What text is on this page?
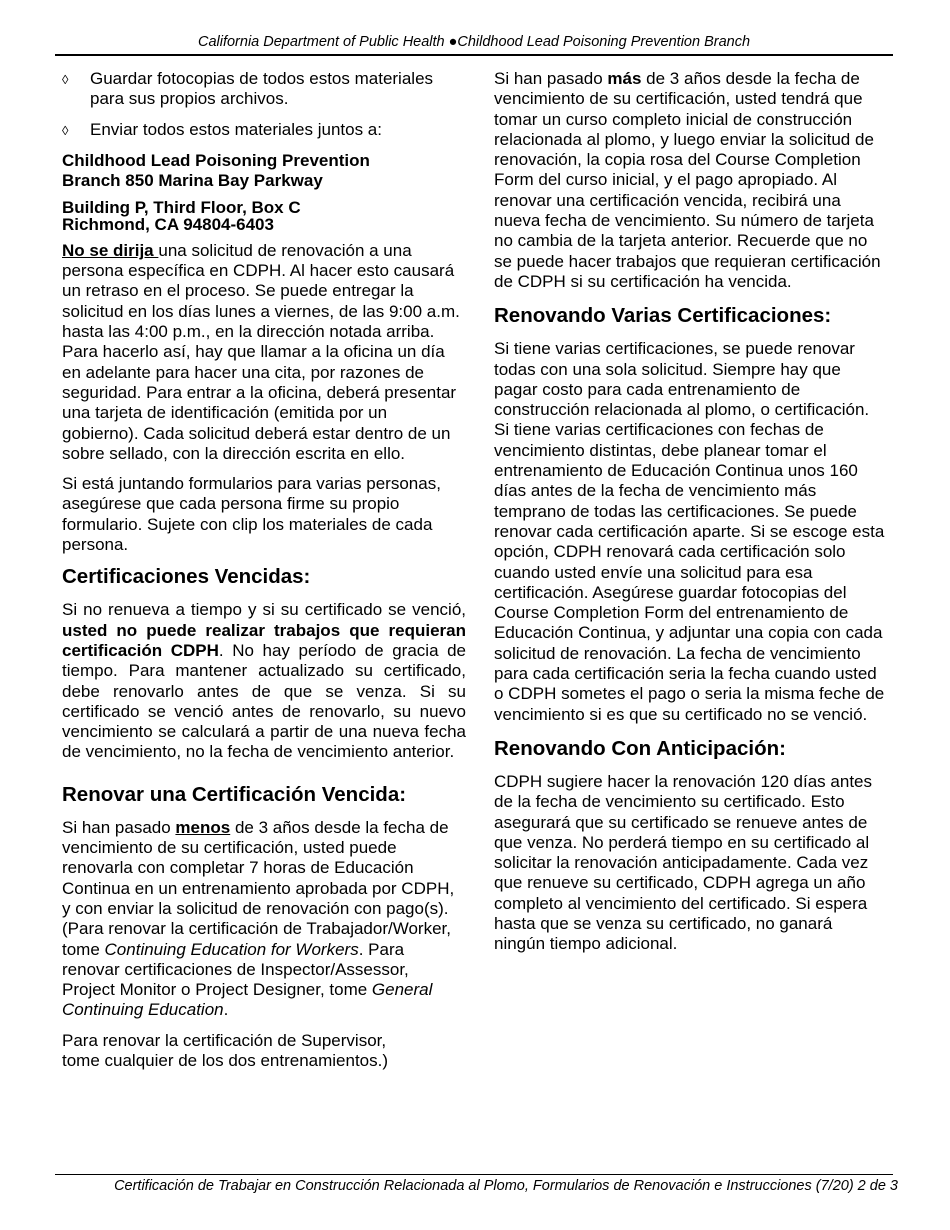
California Department of Public Health ●Childhood Lead Poisoning Prevention Branch
◊	Guardar fotocopias de todos estos materiales para sus propios archivos.
◊	Enviar todos estos materiales juntos a:

Childhood Lead Poisoning Prevention
Branch 850 Marina Bay Parkway

Building P, Third Floor, Box C
Richmond, CA 94804-6403

No se dirija una solicitud de renovación a una persona específica en CDPH. Al hacer esto causará un retraso en el proceso. Se puede entregar la solicitud en los días lunes a viernes, de las 9:00 a.m. hasta las 4:00 p.m., en la dirección notada arriba. Para hacerlo así, hay que llamar a la oficina un día en adelante para hacer una cita, por razones de seguridad. Para entrar a la oficina, deberá presentar una tarjeta de identificación (emitida por un gobierno). Cada solicitud deberá estar dentro de un sobre sellado, con la dirección escrita en ello.

Si está juntando formularios para varias personas, asegúrese que cada persona firme su propio formulario. Sujete con clip los materiales de cada persona.

Certificaciones Vencidas:

Si no renueva a tiempo y si su certificado se venció, usted no puede realizar trabajos que requieran certificación CDPH. No hay período de gracia de tiempo. Para mantener actualizado su certificado, debe renovarlo antes de que se venza. Si su certificado se venció antes de renovarlo, su nuevo vencimiento se calculará a partir de una nueva fecha de vencimiento, no la fecha de vencimiento anterior.

Renovar una Certificación Vencida:

Si han pasado menos de 3 años desde la fecha de vencimiento de su certificación, usted puede renovarla con completar 7 horas de Educación Continua en un entrenamiento aprobada por CDPH, y con enviar la solicitud de renovación con pago(s). (Para renovar la certificación de Trabajador/Worker, tome Continuing Education for Workers. Para renovar certificaciones de Inspector/Assessor, Project Monitor o Project Designer, tome General Continuing Education.

Para renovar la certificación de Supervisor, tome cualquier de los dos entrenamientos.)

Si han pasado más de 3 años desde la fecha de vencimiento de su certificación, usted tendrá que tomar un curso completo inicial de construcción relacionada al plomo, y luego enviar la solicitud de renovación, la copia rosa del Course Completion Form del curso inicial, y el pago apropiado. Al renovar una certificación vencida, recibirá una nueva fecha de vencimiento. Su número de tarjeta no cambia de la tarjeta anterior. Recuerde que no se puede hacer trabajos que requieran certificación de CDPH si su certificación ha vencida.

Renovando Varias Certificaciones:

Si tiene varias certificaciones, se puede renovar todas con una sola solicitud. Siempre hay que pagar costo para cada entrenamiento de construcción relacionada al plomo, o certificación. Si tiene varias certificaciones con fechas de vencimiento distintas, debe planear tomar el entrenamiento de Educación Continua unos 160 días antes de la fecha de vencimiento más temprano de todas las certificaciones. Se puede renovar cada certificación aparte. Si se escoge esta opción, CDPH renovará cada certificación solo cuando usted envíe una solicitud para esa certificación. Asegúrese guardar fotocopias del Course Completion Form del entrenamiento de Educación Continua, y adjuntar una copia con cada solicitud de renovación. La fecha de vencimiento para cada certificación seria la fecha cuando usted o CDPH sometes el pago o seria la misma feche de vencimiento si es que su certificado no se venció.

Renovando Con Anticipación:

CDPH sugiere hacer la renovación 120 días antes de la fecha de vencimiento su certificado. Esto asegurará que su certificado se renueve antes de que venza. No perderá tiempo en su certificado al solicitar la renovación anticipadamente. Cada vez que renueve su certificado, CDPH agrega un año completo al vencimiento del certificado. Si espera hasta que se venza su certificado, no ganará ningún tiempo adicional.

Certificación de Trabajar en Construcción Relacionada al Plomo, Formularios de Renovación e Instrucciones (7/20) 2 de 3
